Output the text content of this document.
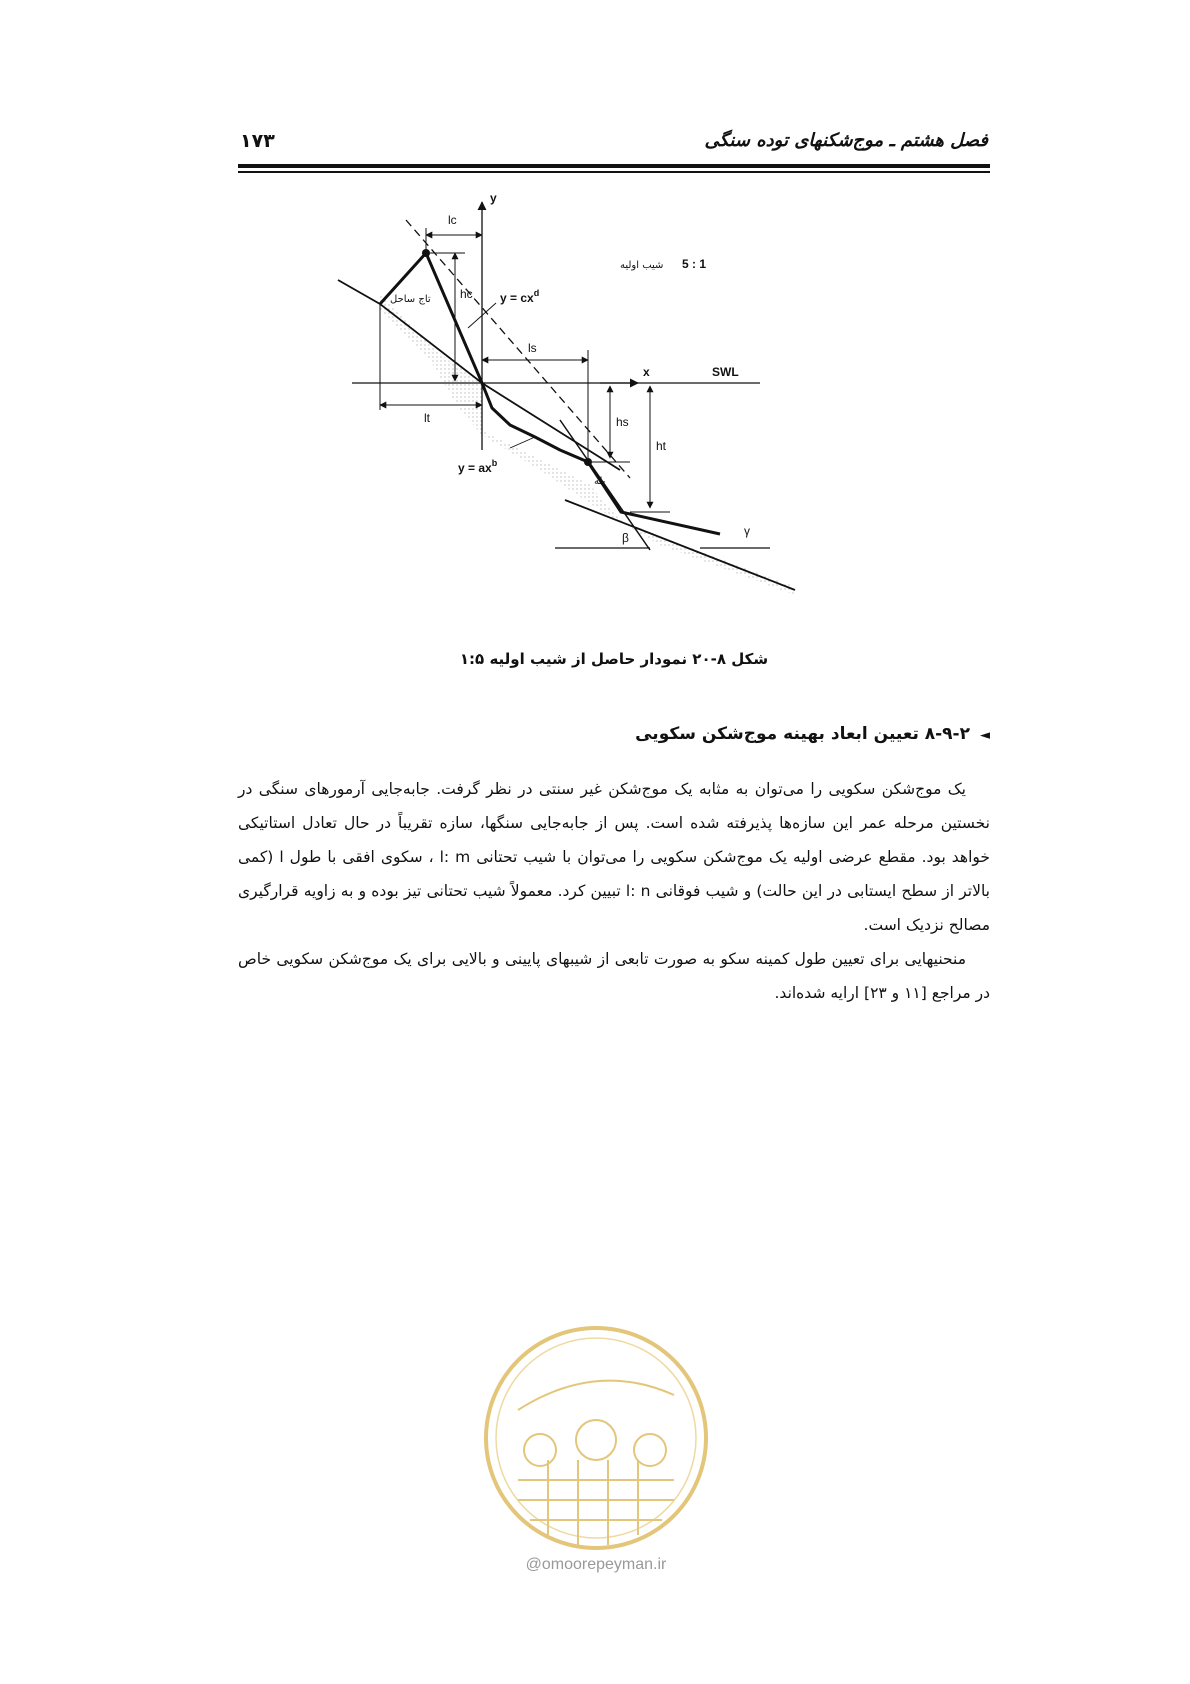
۱۷۳	فصل هشتم ـ موج‌شکنهای توده سنگی
lc
hc $y = cx^d$
lt
ls
hs
ht
$y = ax^b$
y
x	SWL
5 : 1
شیب اولیه
تاج ساحل
پله
β	γ
شکل ۸-۲۰ نمودار حاصل از شیب اولیه ۱:۵
◄۸-۹-۲ تعیین ابعاد بهینه موج‌شکن سکویی

یک موج‌شکن سکویی را می‌توان به مثابه یک موج‌شکن غیر سنتی در نظر گرفت. جابه‌جایی آرمورهای سنگی در نخستین مرحله عمر این سازه‌ها پذیرفته شده است. پس از جابه‌جایی سنگها، سازه تقریباً در حال تعادل استاتیکی خواهد بود. مقطع عرضی اولیه یک موج‌شکن سکویی را می‌توان با شیب تحتانی l: m ، سکوی افقی با طول l (کمی بالاتر از سطح ایستابی در این حالت) و شیب فوقانی l: n تبیین کرد. معمولاً شیب تحتانی تیز بوده و به زاویه قرارگیری مصالح نزدیک است.

منحنیهایی برای تعیین طول کمینه سکو به صورت تابعی از شیبهای پایینی و بالایی برای یک موج‌شکن سکویی خاص در مراجع [۱۱ و ۲۳] ارایه شده‌اند.

@omoorepeyman.ir
